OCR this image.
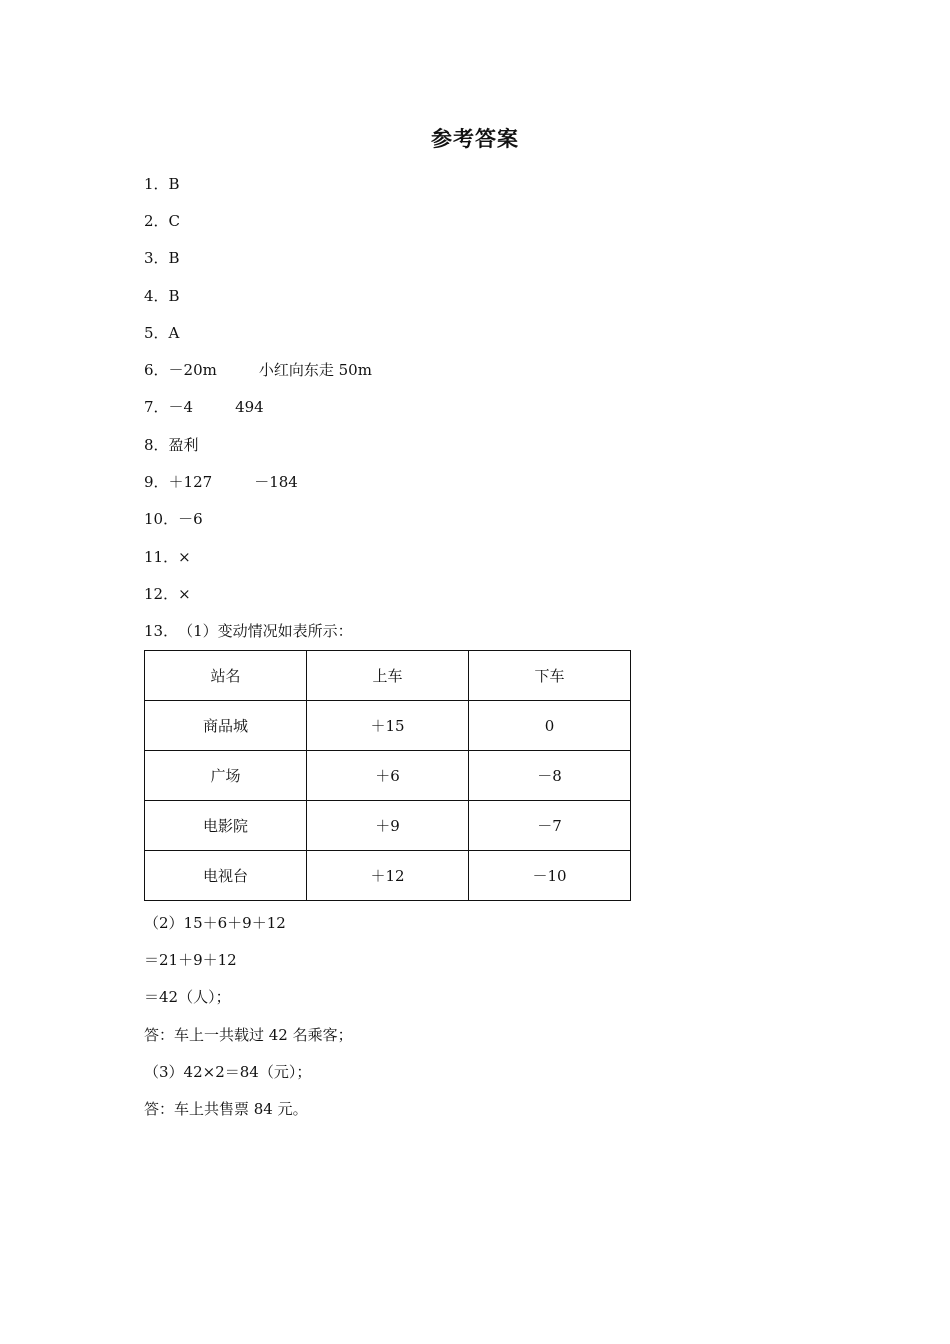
参考答案
1．B
2．C
3．B
4．B
5．A
6．－20m	小红向东走 50m
7．－4	494
8．盈利
9．＋127	－184
10．－6
11．×
12．×
13．（1）变动情况如表所示：
站名	上车	下车
商品城	＋15	0
广场	＋6	－8
电影院	＋9	－7
电视台	＋12	－10
（2）15＋6＋9＋12
＝21＋9＋12
＝42（人）；
答：车上一共载过 42 名乘客；
（3）42×2＝84（元）；
答：车上共售票 84 元。
